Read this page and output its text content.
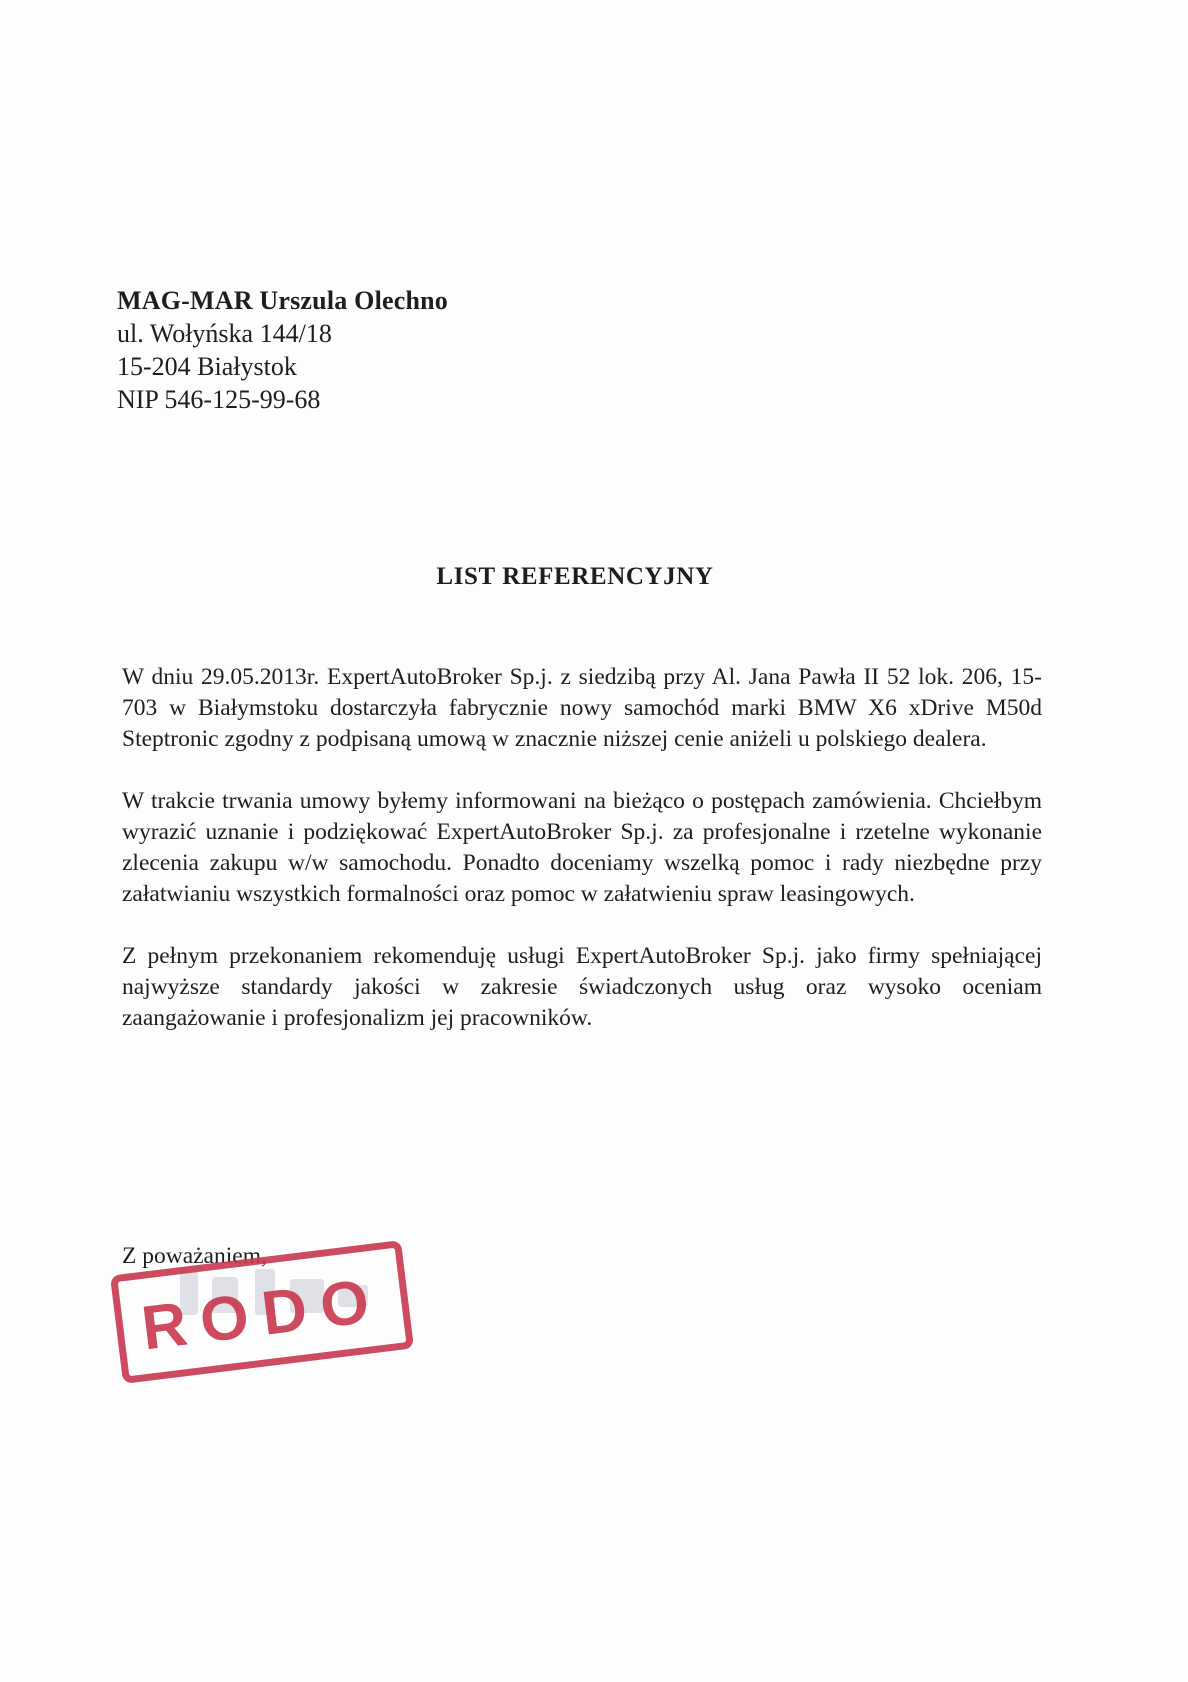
MAG-MAR Urszula Olechno
ul. Wołyńska 144/18
15-204 Białystok
NIP 546-125-99-68
LIST REFERENCYJNY

W dniu 29.05.2013r. ExpertAutoBroker Sp.j. z siedzibą przy Al. Jana Pawła II 52 lok. 206, 15-703 w Białymstoku dostarczyła fabrycznie nowy samochód marki BMW X6 xDrive M50d Steptronic zgodny z podpisaną umową w znacznie niższej cenie aniżeli u polskiego dealera.

W trakcie trwania umowy byłemy informowani na bieżąco o postępach zamówienia. Chciełbym wyrazić uznanie i podziękować ExpertAutoBroker Sp.j. za profesjonalne i rzetelne wykonanie zlecenia zakupu w/w samochodu. Ponadto doceniamy wszelką pomoc i rady niezbędne przy załatwianiu wszystkich formalności oraz pomoc w załatwieniu spraw leasingowych.

Z pełnym przekonaniem rekomenduję usługi ExpertAutoBroker Sp.j. jako firmy spełniającej najwyższe standardy jakości w zakresie świadczonych usług oraz wysoko oceniam zaangażowanie i profesjonalizm jej pracowników.

Z poważaniem,
RODO
